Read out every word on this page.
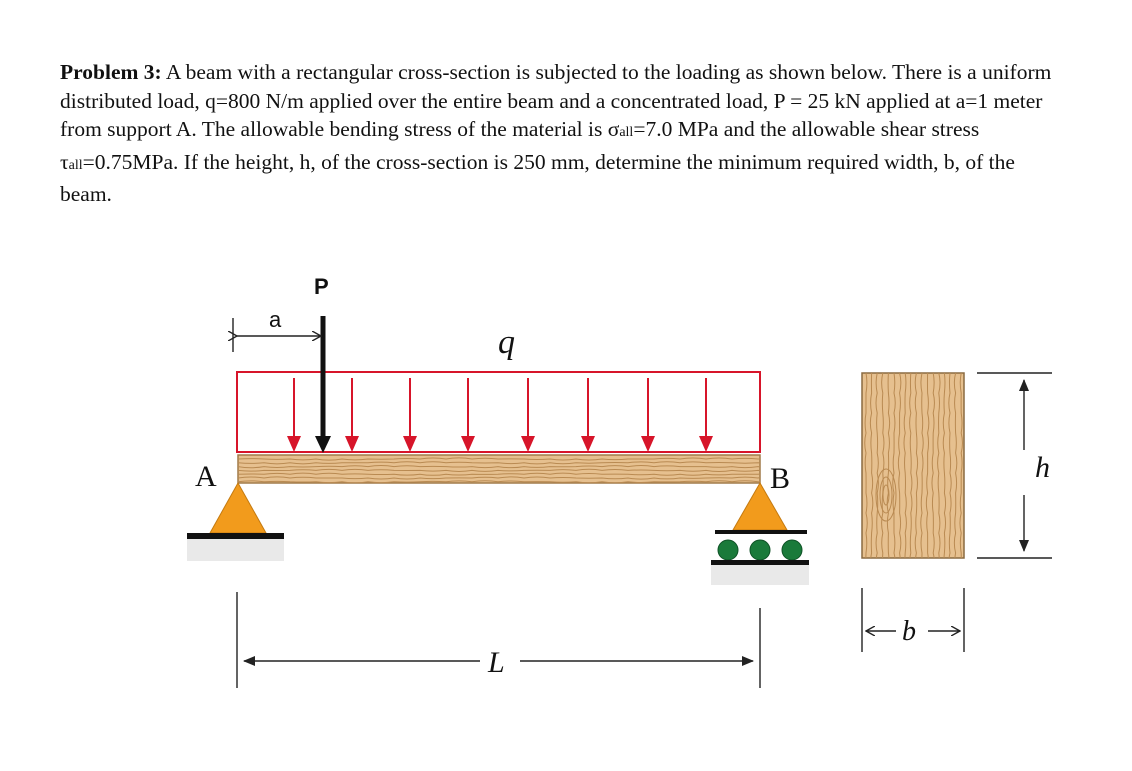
Problem 3: A beam with a rectangular cross-section is subjected to the loading as shown below. There is a uniform distributed load, q=800 N/m applied over the entire beam and a concentrated load, P = 25 kN applied at a=1 meter from support A. The allowable bending stress of the material is σall=7.0 MPa and the allowable shear stress τall=0.75MPa. If the height, h, of the cross-section is 250 mm, determine the minimum required width, b, of the beam.
P
a
q
A	B
L
h
b
